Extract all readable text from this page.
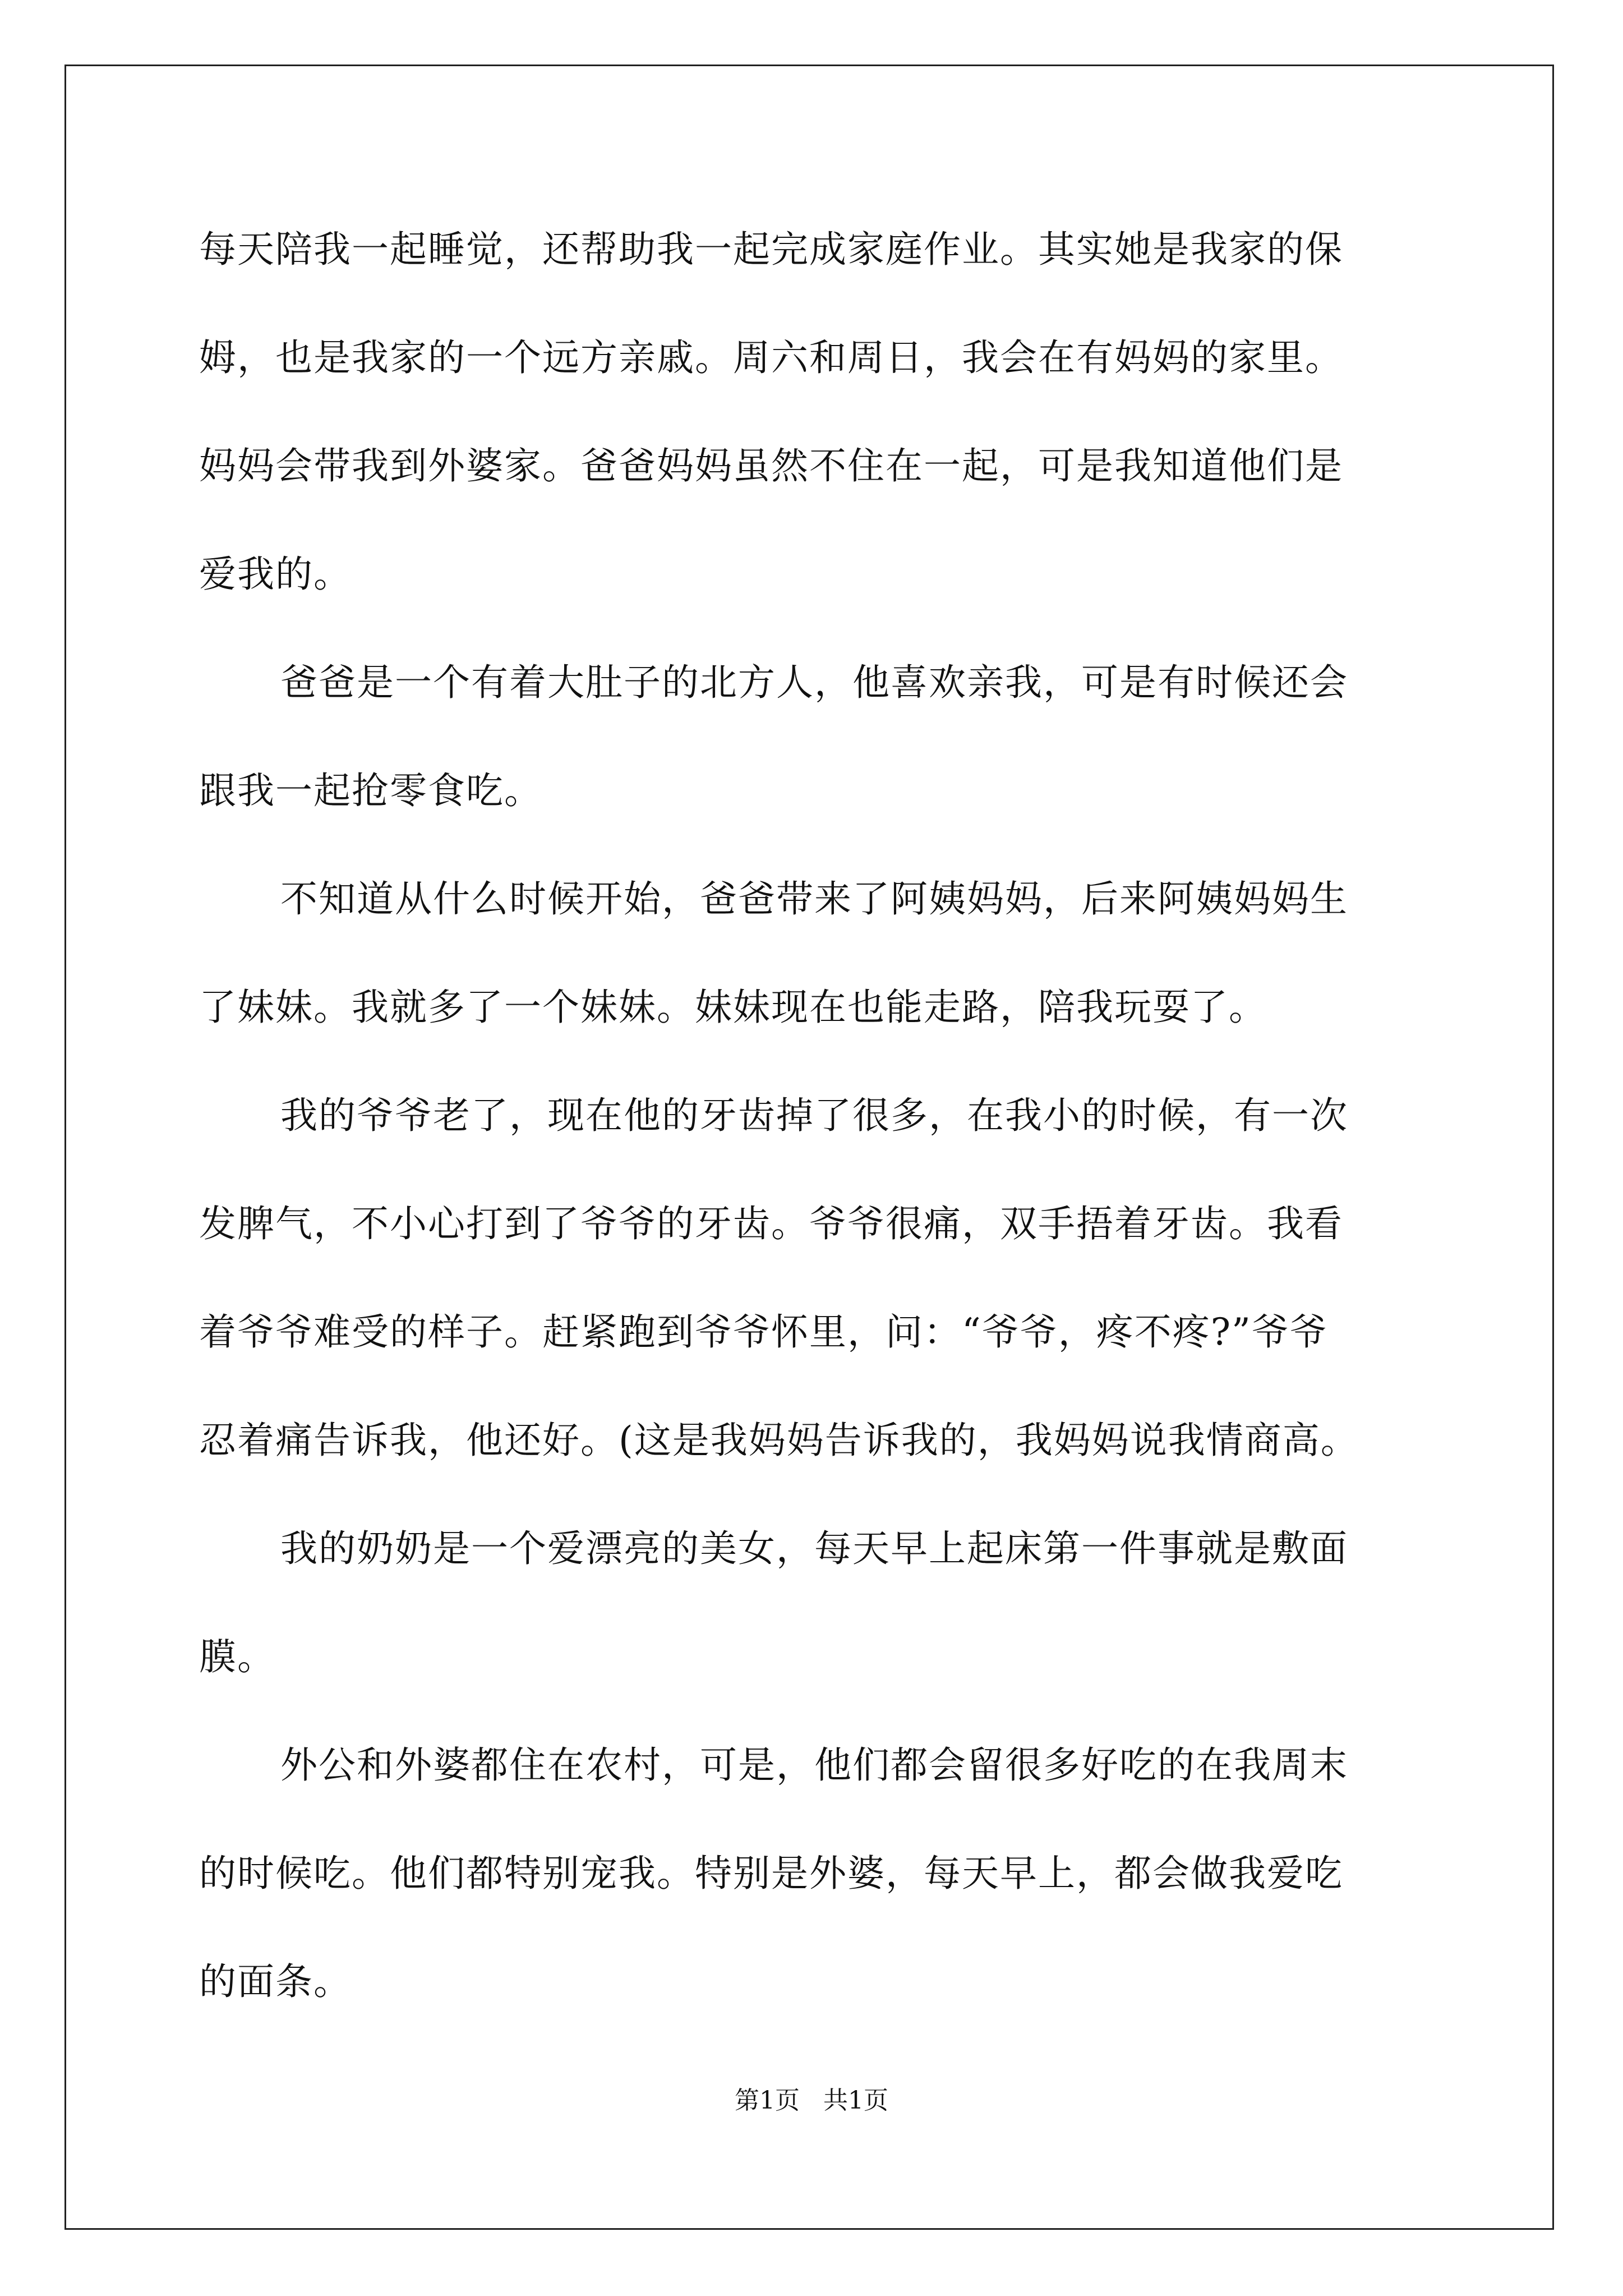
每天陪我一起睡觉，还帮助我一起完成家庭作业。其实她是我家的保
姆，也是我家的一个远方亲戚。周六和周日，我会在有妈妈的家里。
妈妈会带我到外婆家。爸爸妈妈虽然不住在一起，可是我知道他们是
爱我的。
爸爸是一个有着大肚子的北方人，他喜欢亲我，可是有时候还会
跟我一起抢零食吃。
不知道从什么时候开始，爸爸带来了阿姨妈妈，后来阿姨妈妈生
了妹妹。我就多了一个妹妹。妹妹现在也能走路，陪我玩耍了。
我的爷爷老了，现在他的牙齿掉了很多，在我小的时候，有一次
发脾气，不小心打到了爷爷的牙齿。爷爷很痛，双手捂着牙齿。我看
着爷爷难受的样子。赶紧跑到爷爷怀里，问：“爷爷，疼不疼?”爷爷
忍着痛告诉我，他还好。(这是我妈妈告诉我的，我妈妈说我情商高。
我的奶奶是一个爱漂亮的美女，每天早上起床第一件事就是敷面
膜。
外公和外婆都住在农村，可是，他们都会留很多好吃的在我周末
的时候吃。他们都特别宠我。特别是外婆，每天早上，都会做我爱吃
的面条。
第1页   共1页
